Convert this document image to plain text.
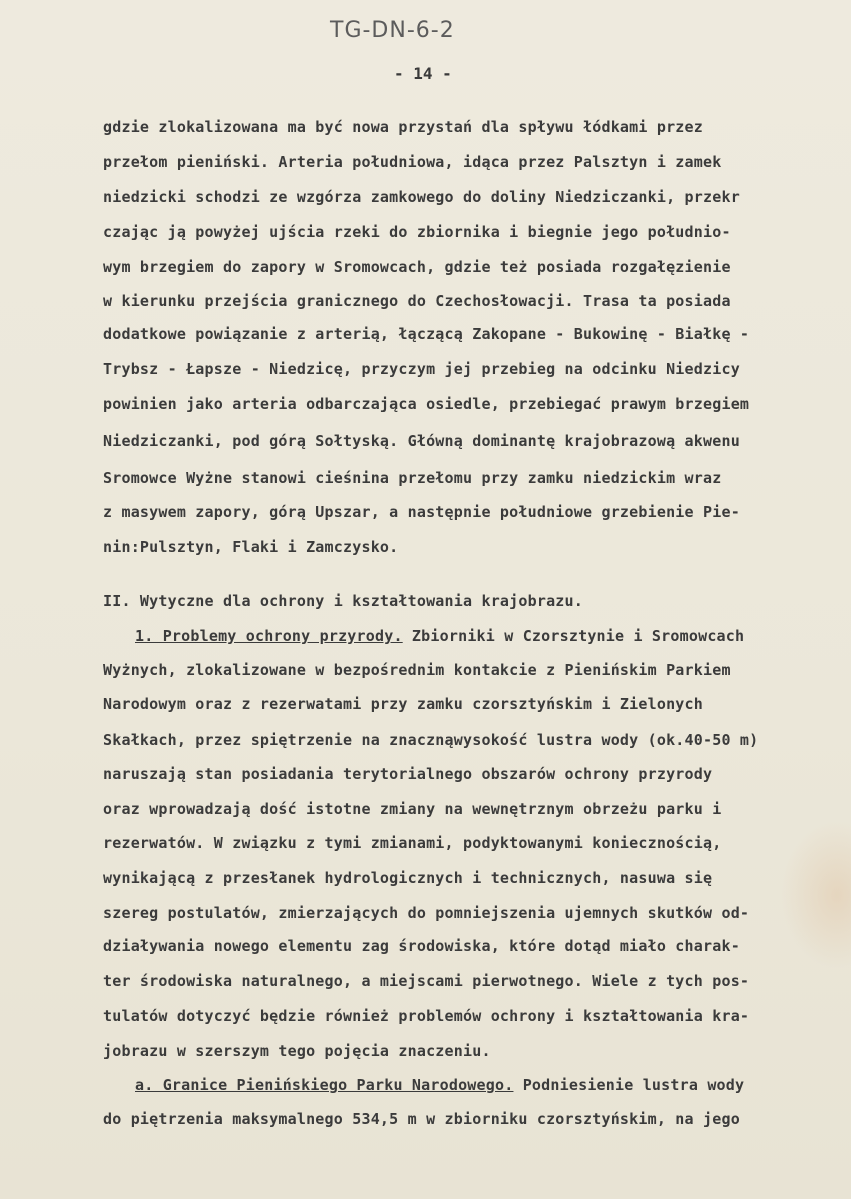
TG-DN-6-2
- 14 -
gdzie zlokalizowana ma być nowa przystań dla spływu łódkami przez
przełom pieniński. Arteria południowa, idąca przez Palsztyn i zamek
niedzicki schodzi ze wzgórza zamkowego do doliny Niedziczanki, przekr
czając ją powyżej ujścia rzeki do zbiornika i biegnie jego południo-
wym brzegiem do zapory w Sromowcach, gdzie też posiada rozgałęzienie
w kierunku przejścia granicznego do Czechosłowacji. Trasa ta posiada
dodatkowe powiązanie z arterią, łączącą Zakopane - Bukowinę - Białkę -
Trybsz - Łapsze - Niedzicę, przyczym jej przebieg na odcinku Niedzicy
powinien jako arteria odbarczająca osiedle, przebiegać prawym brzegiem
Niedziczanki, pod górą Sołtyską. Główną dominantę krajobrazową akwenu
Sromowce Wyżne stanowi cieśnina przełomu przy zamku niedzickim wraz
z masywem zapory, górą Upszar, a następnie południowe grzebienie Pie-
nin:Pulsztyn, Flaki i Zamczysko.
II. Wytyczne dla ochrony i kształtowania krajobrazu.
1. Problemy ochrony przyrody. Zbiorniki w Czorsztynie i Sromowcach
Wyżnych, zlokalizowane w bezpośrednim kontakcie z Pienińskim Parkiem
Narodowym oraz z rezerwatami przy zamku czorsztyńskim i Zielonych
Skałkach, przez spiętrzenie na znacznąwysokość lustra wody (ok.40-50 m)
naruszają stan posiadania terytorialnego obszarów ochrony przyrody
oraz wprowadzają dość istotne zmiany na wewnętrznym obrzeżu parku i
rezerwatów. W związku z tymi zmianami, podyktowanymi koniecznością,
wynikającą z przesłanek hydrologicznych i technicznych, nasuwa się
szereg postulatów, zmierzających do pomniejszenia ujemnych skutków od-
działywania nowego elementu zag środowiska, które dotąd miało charak-
ter środowiska naturalnego, a miejscami pierwotnego. Wiele z tych pos-
tulatów dotyczyć będzie również problemów ochrony i kształtowania kra-
jobrazu w szerszym tego pojęcia znaczeniu.
a. Granice Pienińskiego Parku Narodowego. Podniesienie lustra wody
do piętrzenia maksymalnego 534,5 m w zbiorniku czorsztyńskim, na jego
